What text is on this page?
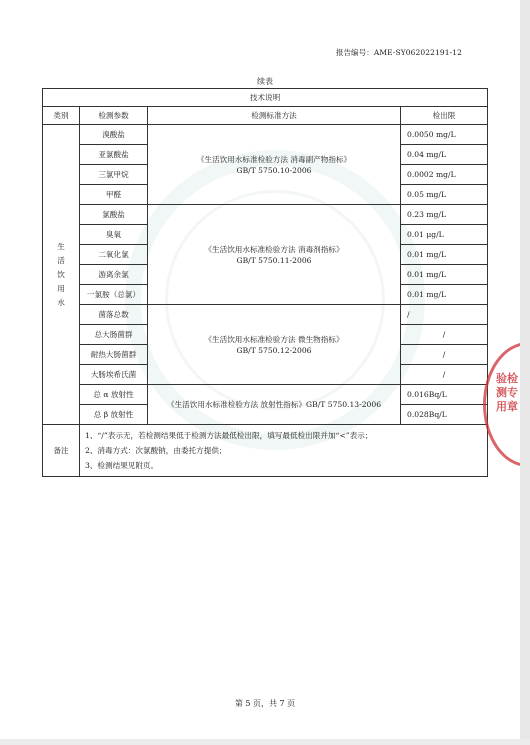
报告编号：AME-SY062022191-12
续表
技术说明			
类别	检测参数	检测标准方法	检出限
生活饮用水	溴酸盐	《生活饮用水标准检验方法 消毒副产物指标》
GB/T 5750.10-2006	0.0050 mg/L
	亚氯酸盐		0.04 mg/L
	三氯甲烷		0.0002 mg/L
	甲醛		0.05 mg/L
	氯酸盐	《生活饮用水标准检验方法 消毒剂指标》
GB/T 5750.11-2006	0.23 mg/L
	臭氧		0.01 μg/L
	二氧化氯		0.01 mg/L
	游离余氯		0.01 mg/L
	一氯胺（总氯）		0.01 mg/L
	菌落总数	《生活饮用水标准检验方法 微生物指标》
GB/T 5750.12-2006	/
	总大肠菌群		/
	耐热大肠菌群		/
	大肠埃希氏菌		/
	总 α 放射性	《生活饮用水标准检验方法 放射性指标》GB/T 5750.13-2006	0.016Bq/L
	总 β 放射性		0.028Bq/L
备注	1、“/”表示无，若检测结果低于检测方法最低检出限，填写最低检出限并加“<”表示；
2、消毒方式：次氯酸钠，由委托方提供；
3、检测结果见附页。		
验检
测专
用章
第 5 页，共 7 页
